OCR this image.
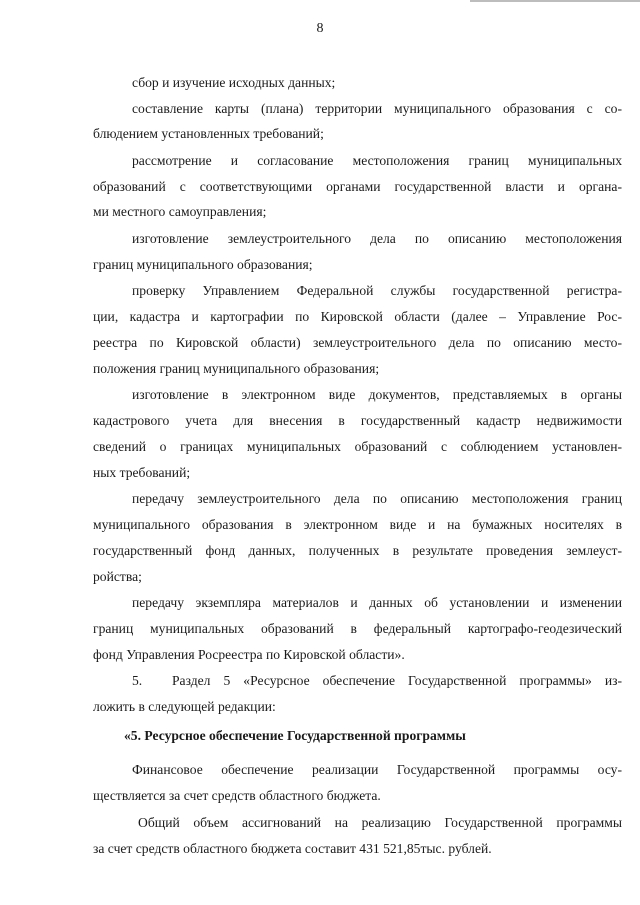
8
сбор и изучение исходных данных;
составление карты (плана) территории муниципального образования с со-
блюдением установленных требований;
рассмотрение и согласование местоположения границ муниципальных
образований с соответствующими органами государственной власти и органа-
ми местного самоуправления;
изготовление землеустроительного дела по описанию местоположения
границ муниципального образования;
проверку Управлением Федеральной службы государственной регистра-
ции, кадастра и картографии по Кировской области (далее – Управление Рос-
реестра по Кировской области) землеустроительного дела по описанию место-
положения границ муниципального образования;
изготовление в электронном виде документов, представляемых в органы
кадастрового учета для внесения в государственный кадастр недвижимости
сведений о границах муниципальных образований с соблюдением установлен-
ных требований;
передачу землеустроительного дела по описанию местоположения границ
муниципального образования в электронном виде и на бумажных носителях в
государственный фонд данных, полученных в результате проведения землеуст-
ройства;
передачу экземпляра материалов и данных об установлении и изменении
границ муниципальных образований в федеральный картографо-геодезический
фонд Управления Росреестра по Кировской области».
5.	Раздел 5 «Ресурсное обеспечение Государственной программы» из-
ложить в следующей редакции:
«5. Ресурсное обеспечение Государственной программы
Финансовое обеспечение реализации Государственной программы осу-
ществляется за счет средств областного бюджета.
Общий объем ассигнований на реализацию Государственной программы
за счет средств областного бюджета составит 431 521,85тыс. рублей.
